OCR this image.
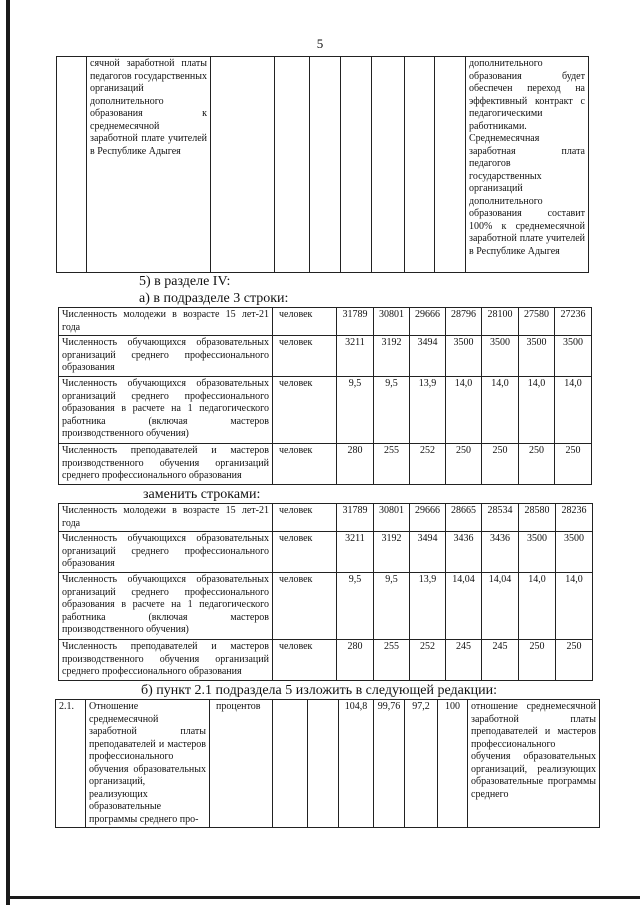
5
	сячной заработной платы педагогов государственных организаций дополнительного образования к среднемесячной заработной плате учителей в Республике Адыгея								дополнительного образования будет обеспечен переход на эффективный контракт с педагогическими работниками. Среднемесячная заработная плата педагогов государственных организаций дополнительного образования составит 100% к среднемесячной заработной плате учителей в Республике Адыгея
5) в разделе IV:
а) в подразделе 3 строки:
Численность молодежи в возрасте 15 лет-21 года	человек	31789	30801	29666	28796	28100	27580	27236
Численность обучающихся образовательных организаций среднего профессионального образования	человек	3211	3192	3494	3500	3500	3500	3500
Численность обучающихся образовательных организаций среднего профессионального образования в расчете на 1 педагогического работника (включая мастеров производственного обучения)	человек	9,5	9,5	13,9	14,0	14,0	14,0	14,0
Численность преподавателей и мастеров производственного обучения организаций среднего профессионального образования	человек	280	255	252	250	250	250	250
заменить строками:
Численность молодежи в возрасте 15 лет-21 года	человек	31789	30801	29666	28665	28534	28580	28236
Численность обучающихся образовательных организаций среднего профессионального образования	человек	3211	3192	3494	3436	3436	3500	3500
Численность обучающихся образовательных организаций среднего профессионального образования в расчете на 1 педагогического работника (включая мастеров производственного обучения)	человек	9,5	9,5	13,9	14,04	14,04	14,0	14,0
Численность преподавателей и мастеров производственного обучения организаций среднего профессионального образования	человек	280	255	252	245	245	250	250
б) пункт 2.1 подраздела 5 изложить в следующей редакции:
2.1.	Отношение среднемесячной заработной платы преподавателей и мастеров профессионального обучения образовательных организаций, реализующих образовательные программы среднего про-	процентов			104,8	99,76	97,2	100	отношение среднемесячной заработной платы преподавателей и мастеров профессионального обучения образовательных организаций, реализующих образовательные программы среднего
